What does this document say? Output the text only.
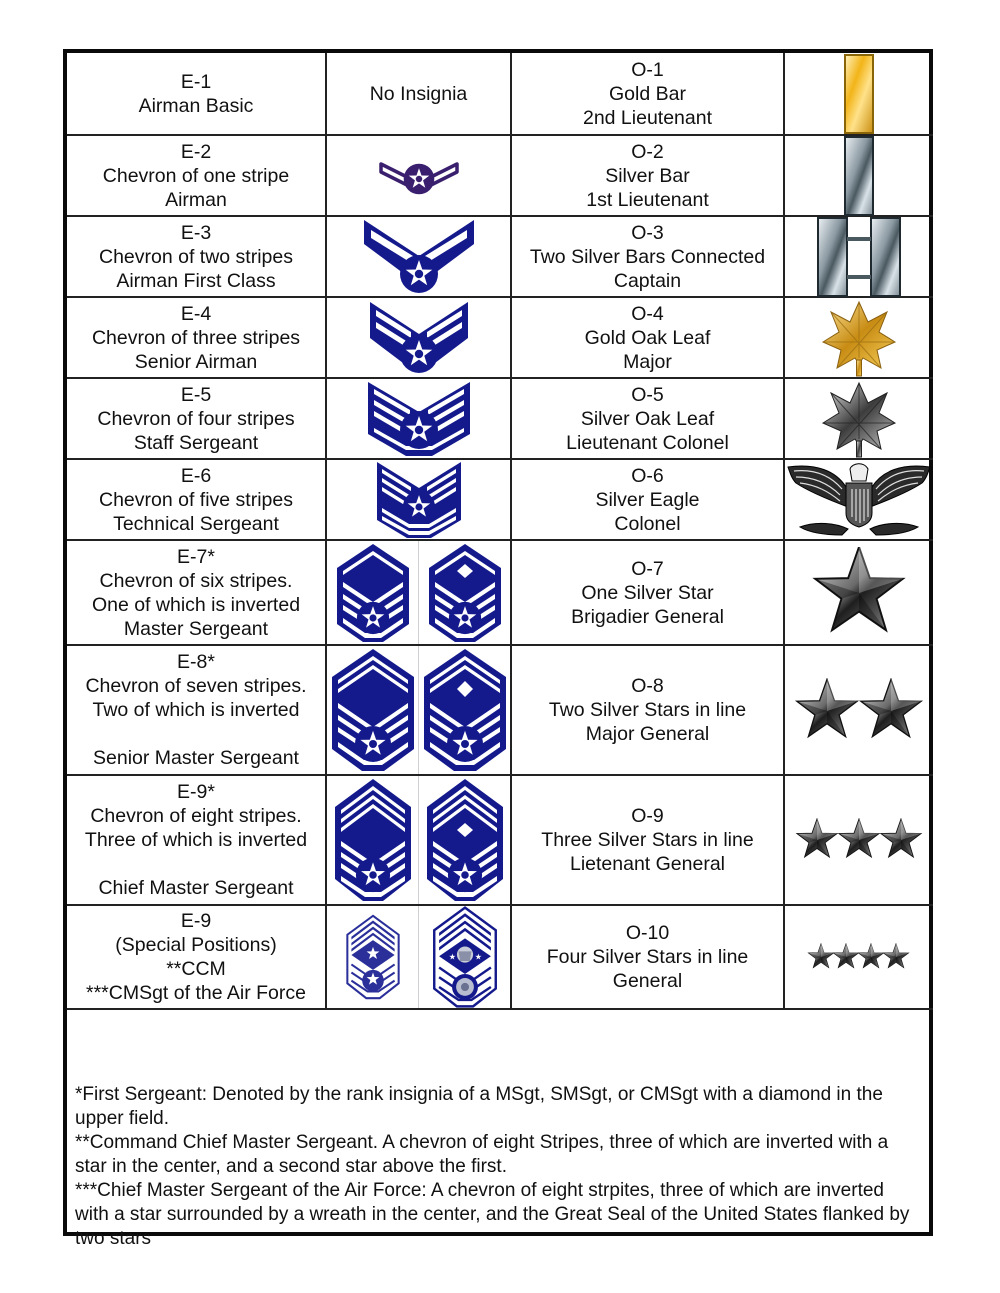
E-1
Airman Basic
No Insignia
O-1
Gold Bar
2nd Lieutenant
E-2
Chevron of one stripe
Airman
O-2
Silver Bar
1st Lieutenant
E-3
Chevron of two stripes
Airman First Class
O-3
Two Silver Bars Connected
Captain
E-4
Chevron of three stripes
Senior Airman
O-4
Gold Oak Leaf
Major
E-5
Chevron of four stripes
Staff Sergeant
O-5
Silver Oak Leaf
Lieutenant Colonel
E-6
Chevron of five stripes
Technical Sergeant
O-6
Silver Eagle
Colonel
E-7*
Chevron of six stripes.
One of which is inverted
Master Sergeant
O-7
One Silver Star
Brigadier General
E-8*
Chevron of seven stripes.
Two of which is inverted
Senior Master Sergeant
O-8
Two Silver Stars in line
Major General
E-9*
Chevron of eight stripes.
Three of which is inverted
Chief Master Sergeant
O-9
Three Silver Stars in line
Lietenant General
E-9
(Special Positions)
**CCM
***CMSgt of the Air Force
★ ★
O-10
Four Silver Stars in line
General

*First Sergeant: Denoted by the rank insignia of a MSgt, SMSgt, or CMSgt with a diamond in the upper field.

**Command Chief Master Sergeant. A chevron of eight Stripes, three of which are inverted with a star in the center, and a second star above the first.

***Chief Master Sergeant of the Air Force: A chevron of eight strpites, three of which are inverted with a star surrounded by a wreath in the center, and the Great Seal of the United States flanked by two stars
